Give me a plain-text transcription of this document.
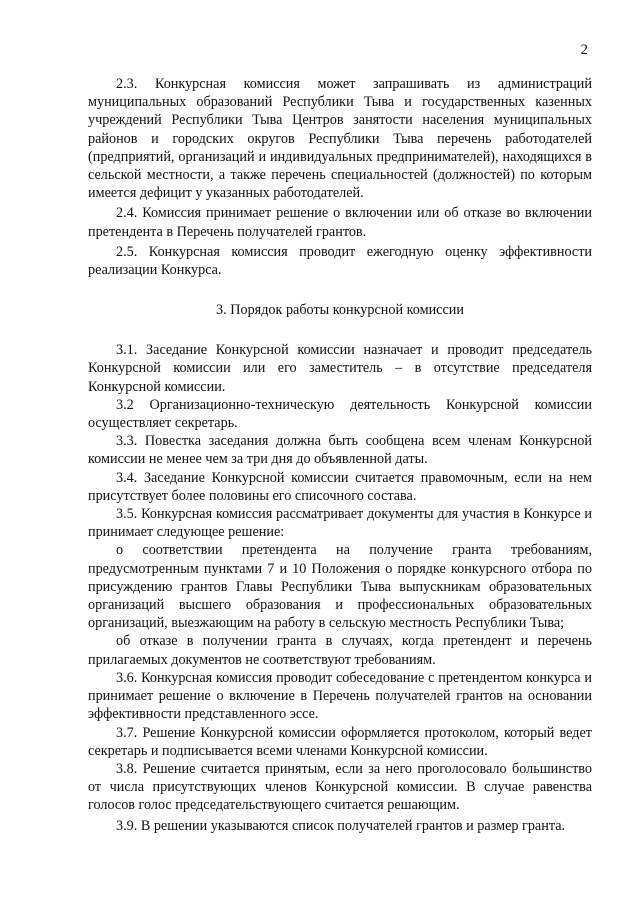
2

2.3. Конкурсная комиссия может запрашивать из администраций муниципальных образований Республики Тыва и государственных казенных учреждений Республики Тыва Центров занятости населения муниципальных районов и городских округов Республики Тыва перечень работодателей (предприятий, организаций и индивидуальных предпринимателей), находящихся в сельской местности, а также перечень специальностей (должностей) по которым имеется дефицит у указанных работодателей.

2.4. Комиссия принимает решение о включении или об отказе во включении претендента в Перечень получателей грантов.

2.5. Конкурсная комиссия проводит ежегодную оценку эффективности реализации Конкурса.

3. Порядок работы конкурсной комиссии

3.1. Заседание Конкурсной комиссии назначает и проводит председатель Конкурсной комиссии или его заместитель – в отсутствие председателя Конкурсной комиссии.

3.2 Организационно-техническую деятельность Конкурсной комиссии осуществляет секретарь.

3.3. Повестка заседания должна быть сообщена всем членам Конкурсной комиссии не менее чем за три дня до объявленной даты.

3.4. Заседание Конкурсной комиссии считается правомочным, если на нем присутствует более половины его списочного состава.

3.5. Конкурсная комиссия рассматривает документы для участия в Конкурсе и принимает следующее решение:

о соответствии претендента на получение гранта требованиям, предусмотренным пунктами 7 и 10 Положения о порядке конкурсного отбора по присуждению грантов Главы Республики Тыва выпускникам образовательных организаций высшего образования и профессиональных образовательных организаций, выезжающим на работу в сельскую местность Республики Тыва;

об отказе в получении гранта в случаях, когда претендент и перечень прилагаемых документов не соответствуют требованиям.

3.6. Конкурсная комиссия проводит собеседование с претендентом конкурса и принимает решение о включение в Перечень получателей грантов на основании эффективности представленного эссе.

3.7. Решение Конкурсной комиссии оформляется протоколом, который ведет секретарь и подписывается всеми членами Конкурсной комиссии.

3.8. Решение считается принятым, если за него проголосовало большинство от числа присутствующих членов Конкурсной комиссии. В случае равенства голосов голос председательствующего считается решающим.

3.9. В решении указываются список получателей грантов и размер гранта.
